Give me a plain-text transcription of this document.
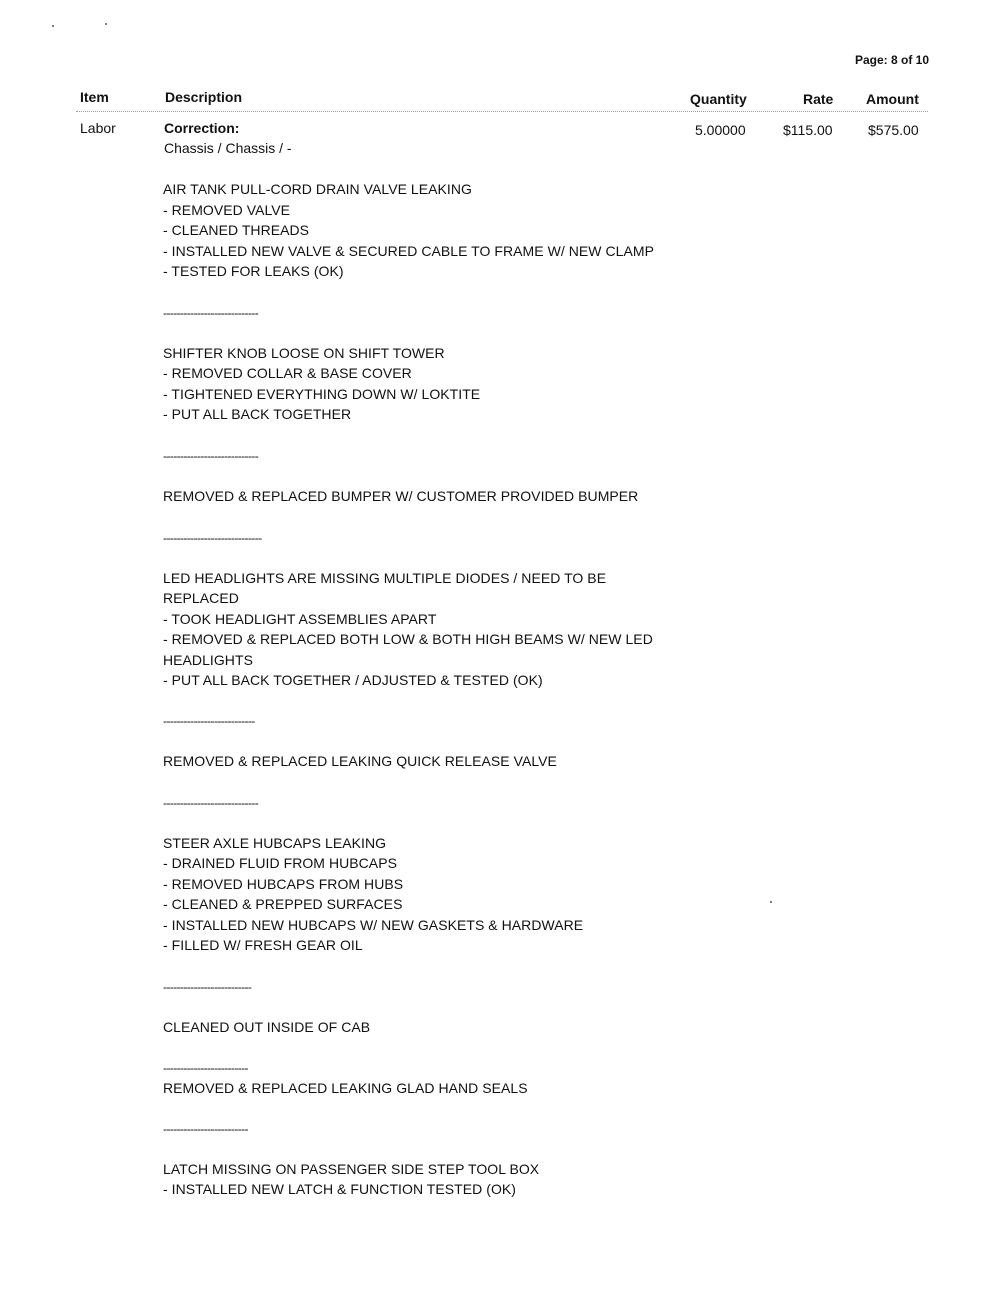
Page: 8 of 10
Item	Description	Quantity	Rate Amount
Labor	Correction:	5.00000	$115.00	$575.00
Chassis / Chassis / -
AIR TANK PULL-CORD DRAIN VALVE LEAKING
- REMOVED VALVE
- CLEANED THREADS
- INSTALLED NEW VALVE & SECURED CABLE TO FRAME W/ NEW CLAMP
- TESTED FOR LEAKS (OK)
----------------------------
SHIFTER KNOB LOOSE ON SHIFT TOWER
- REMOVED COLLAR & BASE COVER
- TIGHTENED EVERYTHING DOWN W/ LOKTITE
- PUT ALL BACK TOGETHER
----------------------------
REMOVED & REPLACED BUMPER W/ CUSTOMER PROVIDED BUMPER
-----------------------------
LED HEADLIGHTS ARE MISSING MULTIPLE DIODES / NEED TO BE
REPLACED
- TOOK HEADLIGHT ASSEMBLIES APART
- REMOVED & REPLACED BOTH LOW & BOTH HIGH BEAMS W/ NEW LED
HEADLIGHTS
- PUT ALL BACK TOGETHER / ADJUSTED & TESTED (OK)
---------------------------
REMOVED & REPLACED LEAKING QUICK RELEASE VALVE
----------------------------
STEER AXLE HUBCAPS LEAKING
- DRAINED FLUID FROM HUBCAPS
- REMOVED HUBCAPS FROM HUBS
- CLEANED & PREPPED SURFACES
- INSTALLED NEW HUBCAPS W/ NEW GASKETS & HARDWARE
- FILLED W/ FRESH GEAR OIL
--------------------------
CLEANED OUT INSIDE OF CAB
-------------------------
REMOVED & REPLACED LEAKING GLAD HAND SEALS
-------------------------
LATCH MISSING ON PASSENGER SIDE STEP TOOL BOX
- INSTALLED NEW LATCH & FUNCTION TESTED (OK)
